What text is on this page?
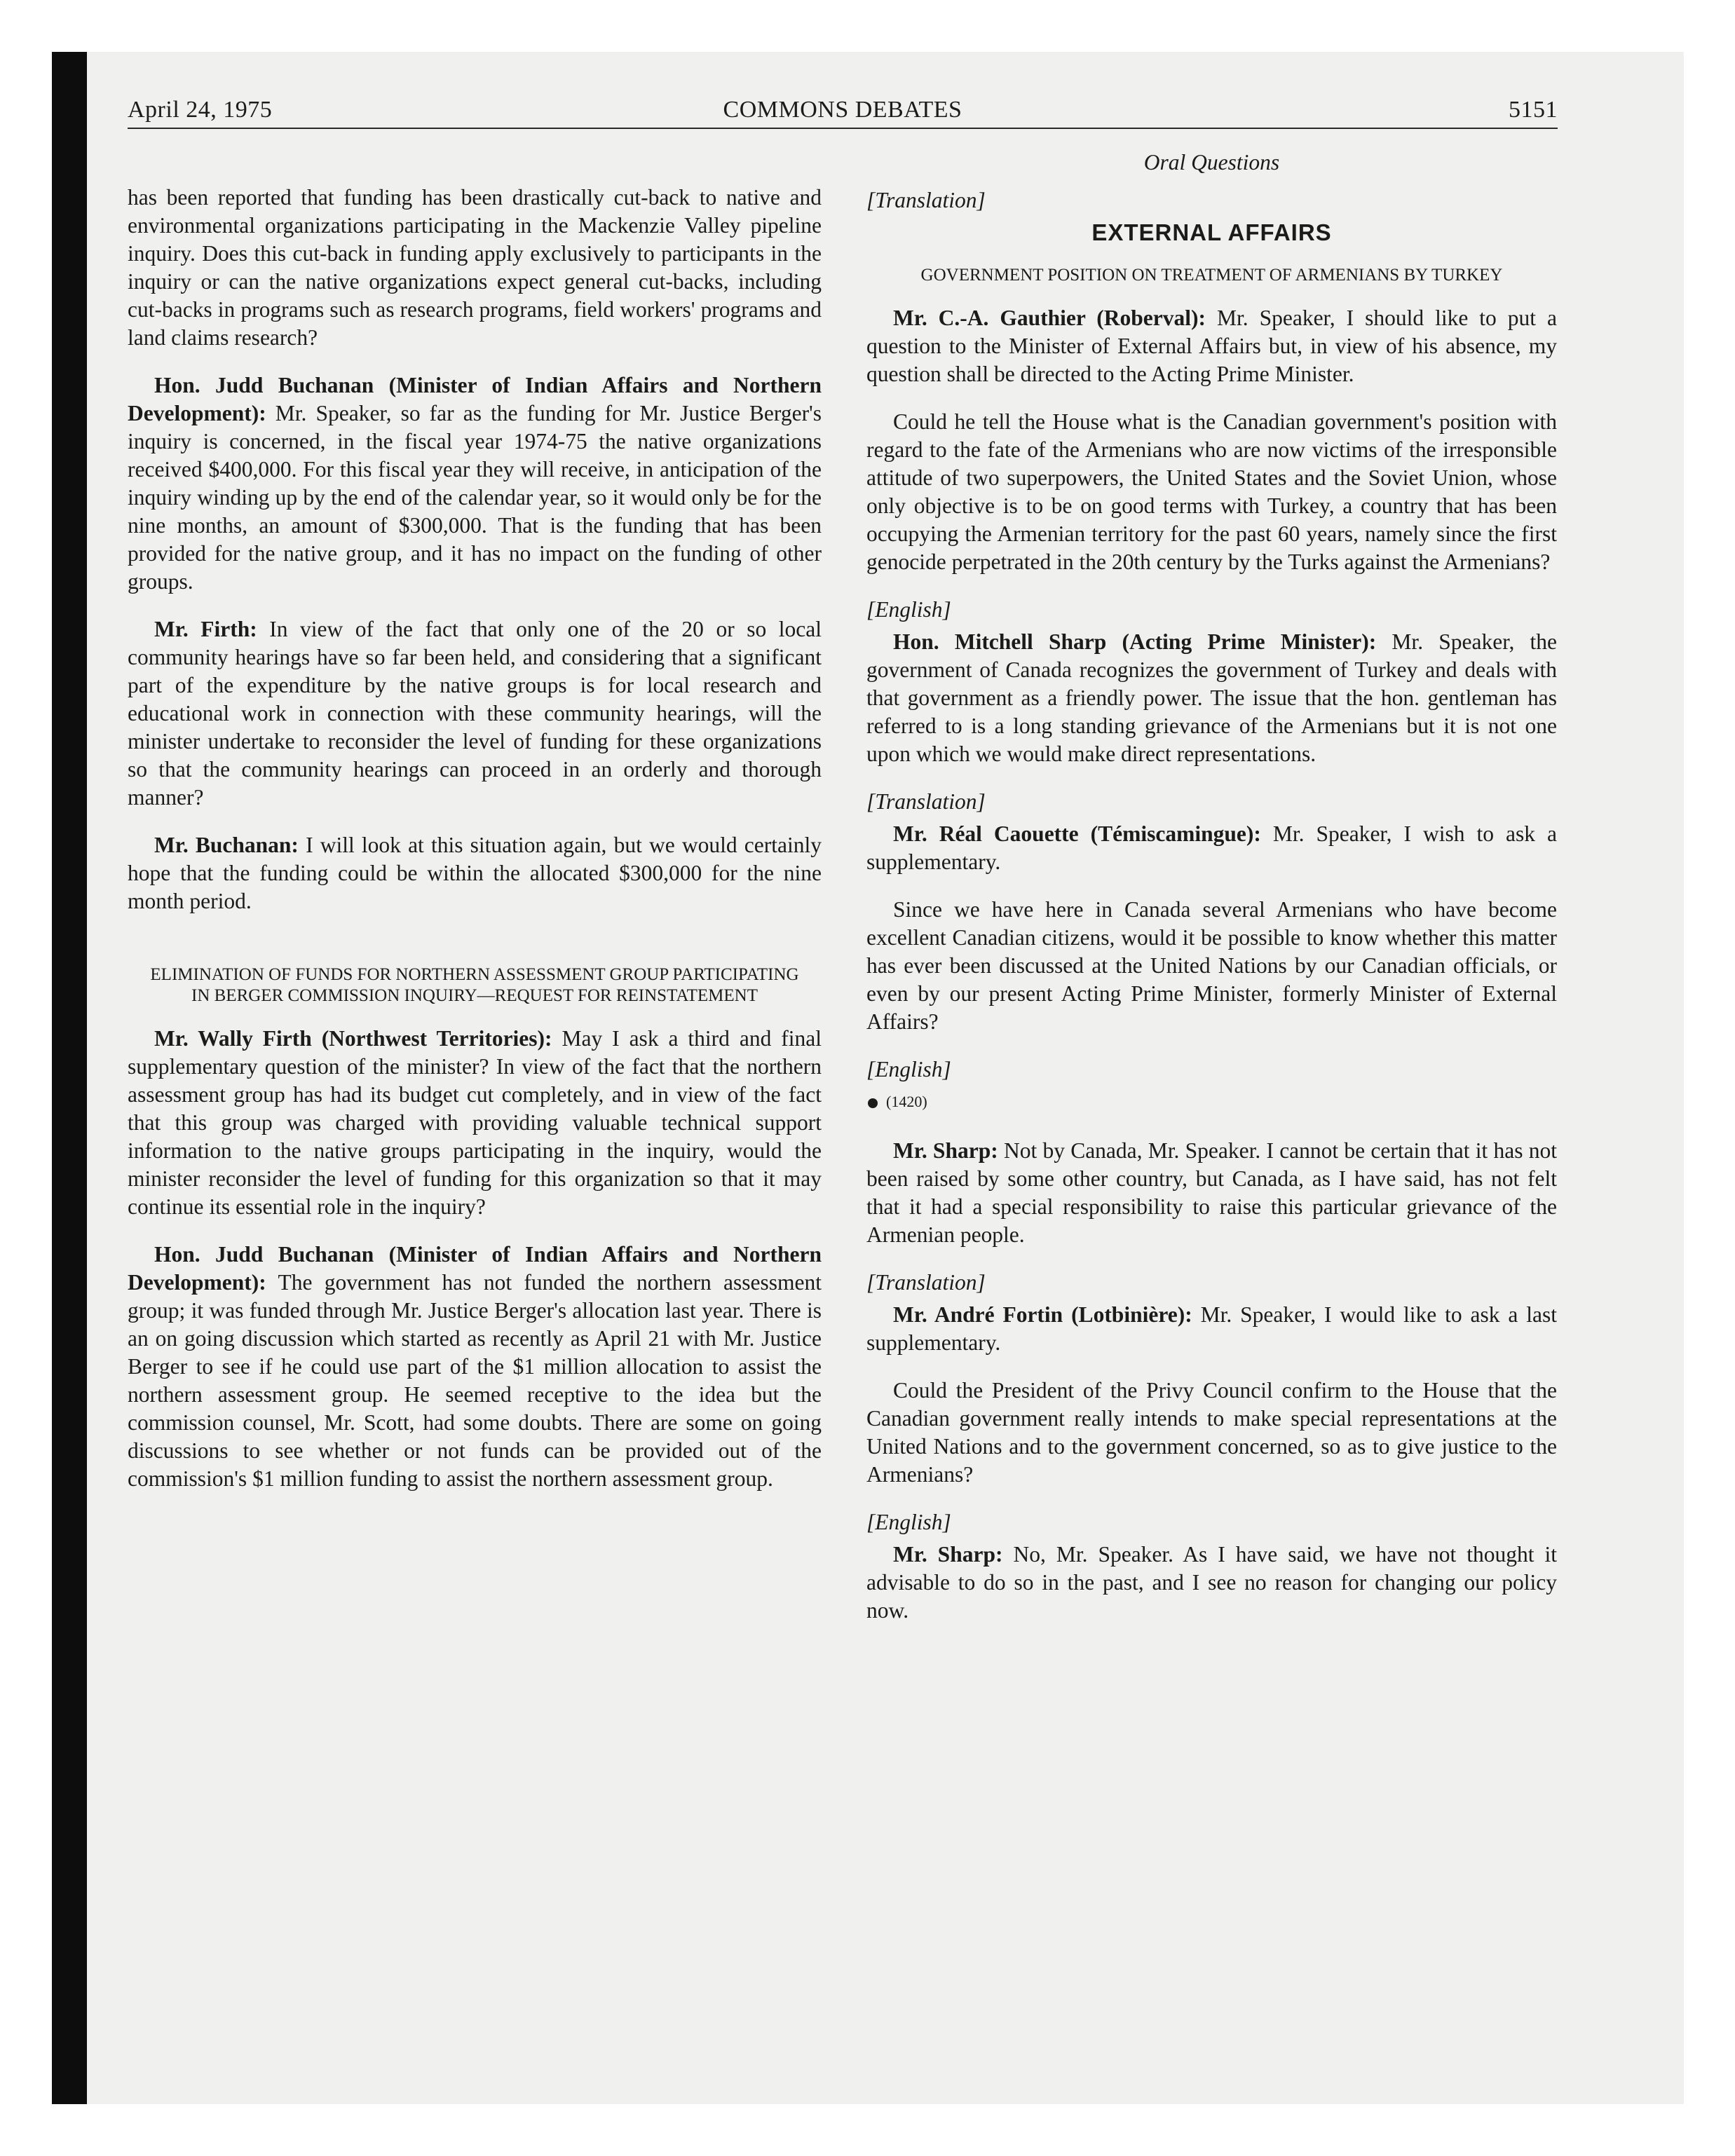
April 24, 1975	COMMONS DEBATES	5151

has been reported that funding has been drastically cut-back to native and environmental organizations participating in the Mackenzie Valley pipeline inquiry. Does this cut-back in funding apply exclusively to participants in the inquiry or can the native organizations expect general cut-backs, including cut-backs in programs such as research programs, field workers' programs and land claims research?

Hon. Judd Buchanan (Minister of Indian Affairs and Northern Development): Mr. Speaker, so far as the funding for Mr. Justice Berger's inquiry is concerned, in the fiscal year 1974-75 the native organizations received $400,000. For this fiscal year they will receive, in anticipation of the inquiry winding up by the end of the calendar year, so it would only be for the nine months, an amount of $300,000. That is the funding that has been provided for the native group, and it has no impact on the funding of other groups.

Mr. Firth: In view of the fact that only one of the 20 or so local community hearings have so far been held, and considering that a significant part of the expenditure by the native groups is for local research and educational work in connection with these community hearings, will the minister undertake to reconsider the level of funding for these organizations so that the community hearings can proceed in an orderly and thorough manner?

Mr. Buchanan: I will look at this situation again, but we would certainly hope that the funding could be within the allocated $300,000 for the nine month period.

ELIMINATION OF FUNDS FOR NORTHERN ASSESSMENT GROUP PARTICIPATING IN BERGER COMMISSION INQUIRY—REQUEST FOR REINSTATEMENT

Mr. Wally Firth (Northwest Territories): May I ask a third and final supplementary question of the minister? In view of the fact that the northern assessment group has had its budget cut completely, and in view of the fact that this group was charged with providing valuable technical support information to the native groups participating in the inquiry, would the minister reconsider the level of funding for this organization so that it may continue its essential role in the inquiry?

Hon. Judd Buchanan (Minister of Indian Affairs and Northern Development): The government has not funded the northern assessment group; it was funded through Mr. Justice Berger's allocation last year. There is an on going discussion which started as recently as April 21 with Mr. Justice Berger to see if he could use part of the $1 million allocation to assist the northern assessment group. He seemed receptive to the idea but the commission counsel, Mr. Scott, had some doubts. There are some on going discussions to see whether or not funds can be provided out of the commission's $1 million funding to assist the northern assessment group.

Oral Questions

[Translation]

EXTERNAL AFFAIRS

GOVERNMENT POSITION ON TREATMENT OF ARMENIANS BY TURKEY

Mr. C.-A. Gauthier (Roberval): Mr. Speaker, I should like to put a question to the Minister of External Affairs but, in view of his absence, my question shall be directed to the Acting Prime Minister.

Could he tell the House what is the Canadian government's position with regard to the fate of the Armenians who are now victims of the irresponsible attitude of two superpowers, the United States and the Soviet Union, whose only objective is to be on good terms with Turkey, a country that has been occupying the Armenian territory for the past 60 years, namely since the first genocide perpetrated in the 20th century by the Turks against the Armenians?

[English]

Hon. Mitchell Sharp (Acting Prime Minister): Mr. Speaker, the government of Canada recognizes the government of Turkey and deals with that government as a friendly power. The issue that the hon. gentleman has referred to is a long standing grievance of the Armenians but it is not one upon which we would make direct representations.

[Translation]

Mr. Réal Caouette (Témiscamingue): Mr. Speaker, I wish to ask a supplementary.

Since we have here in Canada several Armenians who have become excellent Canadian citizens, would it be possible to know whether this matter has ever been discussed at the United Nations by our Canadian officials, or even by our present Acting Prime Minister, formerly Minister of External Affairs?

[English]

(1420)

Mr. Sharp: Not by Canada, Mr. Speaker. I cannot be certain that it has not been raised by some other country, but Canada, as I have said, has not felt that it had a special responsibility to raise this particular grievance of the Armenian people.

[Translation]

Mr. André Fortin (Lotbinière): Mr. Speaker, I would like to ask a last supplementary.

Could the President of the Privy Council confirm to the House that the Canadian government really intends to make special representations at the United Nations and to the government concerned, so as to give justice to the Armenians?

[English]

Mr. Sharp: No, Mr. Speaker. As I have said, we have not thought it advisable to do so in the past, and I see no reason for changing our policy now.
